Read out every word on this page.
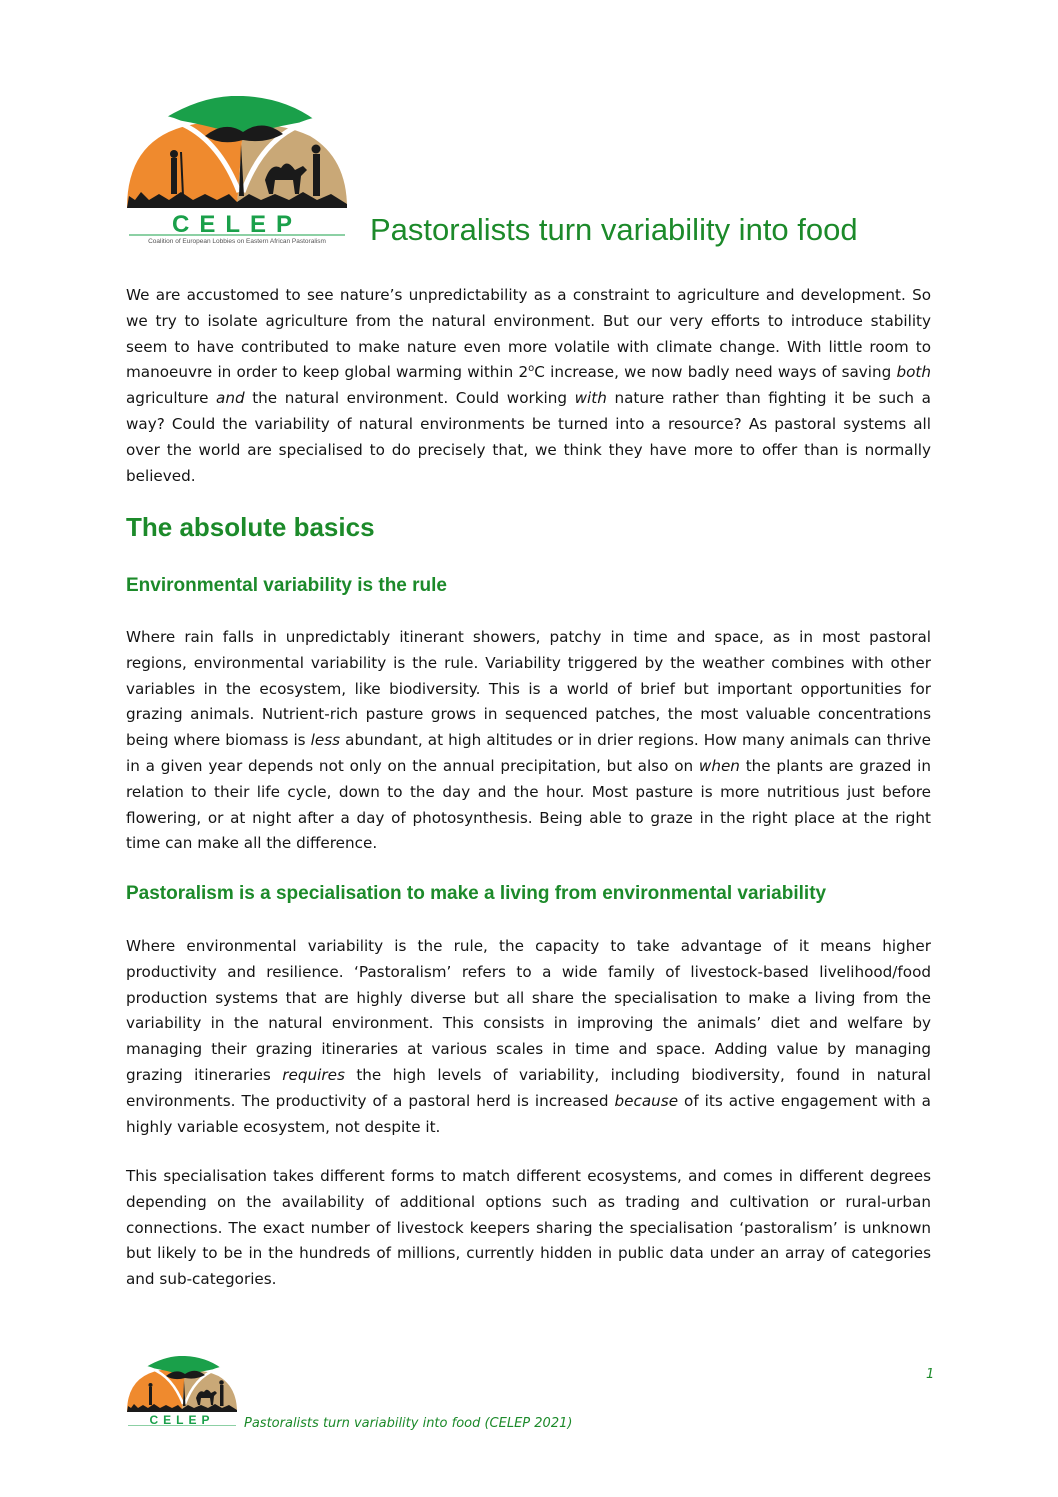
CELEP
Coalition of European Lobbies on Eastern African Pastoralism Pastoralists turn variability into food

We are accustomed to see nature’s unpredictability as a constraint to agriculture and development. So we try to isolate agriculture from the natural environment. But our very efforts to introduce stability seem to have contributed to make nature even more volatile with climate change. With little room to manoeuvre in order to keep global warming within 2$^o$C increase, we now badly need ways of saving both agriculture and the natural environment. Could working with nature rather than fighting it be such a way? Could the variability of natural environments be turned into a resource? As pastoral systems all over the world are specialised to do precisely that, we think they have more to offer than is normally believed.

The absolute basics
Environmental variability is the rule

Where rain falls in unpredictably itinerant showers, patchy in time and space, as in most pastoral regions, environmental variability is the rule. Variability triggered by the weather combines with other variables in the ecosystem, like biodiversity. This is a world of brief but important opportunities for grazing animals. Nutrient-rich pasture grows in sequenced patches, the most valuable concentrations being where biomass is less abundant, at high altitudes or in drier regions. How many animals can thrive in a given year depends not only on the annual precipitation, but also on when the plants are grazed in relation to their life cycle, down to the day and the hour. Most pasture is more nutritious just before flowering, or at night after a day of photosynthesis. Being able to graze in the right place at the right time can make all the difference.

Pastoralism is a specialisation to make a living from environmental variability

Where environmental variability is the rule, the capacity to take advantage of it means higher productivity and resilience. ‘Pastoralism’ refers to a wide family of livestock-based livelihood/food production systems that are highly diverse but all share the specialisation to make a living from the variability in the natural environment. This consists in improving the animals’ diet and welfare by managing their grazing itineraries at various scales in time and space. Adding value by managing grazing itineraries requires the high levels of variability, including biodiversity, found in natural environments. The productivity of a pastoral herd is increased because of its active engagement with a highly variable ecosystem, not despite it.

This specialisation takes different forms to match different ecosystems, and comes in different degrees depending on the availability of additional options such as trading and cultivation or rural-urban connections. The exact number of livestock keepers sharing the specialisation ‘pastoralism’ is unknown but likely to be in the hundreds of millions, currently hidden in public data under an array of categories and sub-categories.

1
CELEP Pastoralists turn variability into food (CELEP 2021)
